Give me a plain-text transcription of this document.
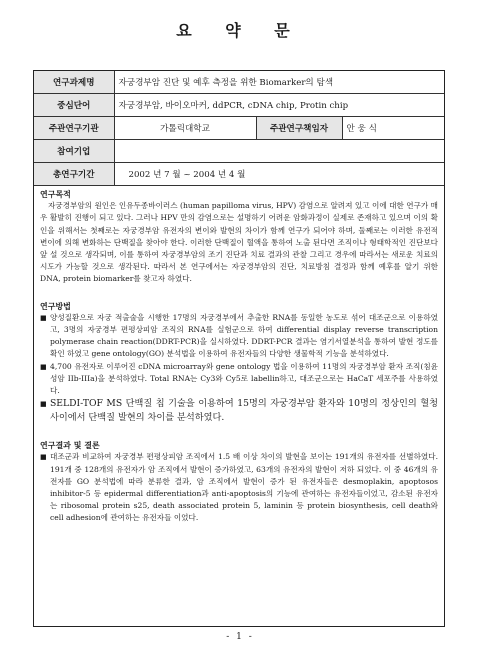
요 약 문
연구과제명	자궁경부암 진단 및 예후 측정을 위한 Biomarker의 탐색		
중심단어	자궁경부암, 바이오마커, ddPCR, cDNA chip, Protin chip		
주관연구기관	가톨릭대학교	주관연구책임자	안 웅 식
참여기업			
총연구기간	2002 년 7 월 ~ 2004 년 4 월		
연구목적

자궁경부암의 원인은 인유두종바이러스 (human papilloma virus, HPV) 감염으로 알려져 있고 이에 대한 연구가 매우 활발히 진행이 되고 있다. 그러나 HPV 만의 감염으로는 설명하기 어려운 암화과정이 실제로 존재하고 있으며 이의 확인을 위해서는 첫째로는 자궁경부암 유전자의 변이와 발현의 차이가 함께 연구가 되어야 하며, 둘째로는 이러한 유전적 변이에 의해 변화하는 단백질을 찾아야 한다. 이러한 단백질이 혈액을 통하여 노출 된다면 조직이나 형태학적인 진단보다 앞 설 것으로 생각되며, 이를 통하여 자궁경부암의 조기 진단과 치료 결과의 관찰 그리고 경우에 따라서는 새로운 치료의 시도가 가능할 것으로 생각된다. 따라서 본 연구에서는 자궁경부암의 진단, 치료방침 결정과 함께 예후를 알기 위한 DNA, protein biomarker를 찾고자 하였다.

연구방법
■ 양성질환으로 자궁 적출술을 시행한 17명의 자궁경부에서 추출한 RNA를 동일한 농도로 섞어 대조군으로 이용하였고, 3명의 자궁경부 편평상피암 조직의 RNA를 실험군으로 하여 differential display reverse transcription polymerase chain reaction(DDRT-PCR)을 실시하였다. DDRT-PCR 결과는 염기서열분석을 통하여 발현 정도를 확인 하였고 gene ontology(GO) 분석법을 이용하여 유전자들의 다양한 생물학적 기능을 분석하였다.
■ 4,700 유전자로 이루어진 cDNA microarray와 gene ontology 법을 이용하여 11명의 자궁경부암 환자 조직(침윤성암 IIb-IIIa)을 분석하였다. Total RNA는 Cy3와 Cy5로 labellin하고, 대조군으로는 HaCaT 세포주를 사용하였다.
■ SELDI-TOF MS 단백질 칩 기술을 이용하여 15명의 자궁경부암 환자와 10명의 정상인의 혈청 사이에서 단백질 발현의 차이를 분석하였다.
연구결과 및 결론
■ 대조군과 비교하여 자궁경부 편평상피암 조직에서 1.5 배 이상 차이의 발현을 보이는 191개의 유전자를 선별하였다. 191개 중 128개의 유전자가 암 조직에서 발현이 증가하였고, 63개의 유전자의 발현이 저하 되었다. 이 중 46개의 유전자를 GO 분석법에 따라 분류한 결과, 암 조직에서 발현이 증가 된 유전자들은 desmoplakin, apoptosos inhibitor-5 등 epidermal differentiation과 anti-apoptosis의 기능에 관여하는 유전자들이었고, 감소된 유전자는 ribosomal protein s25, death associated protein 5, laminin 등 protein biosynthesis, cell death와 cell adhesion에 관여하는 유전자들 이었다.
- 1 -
